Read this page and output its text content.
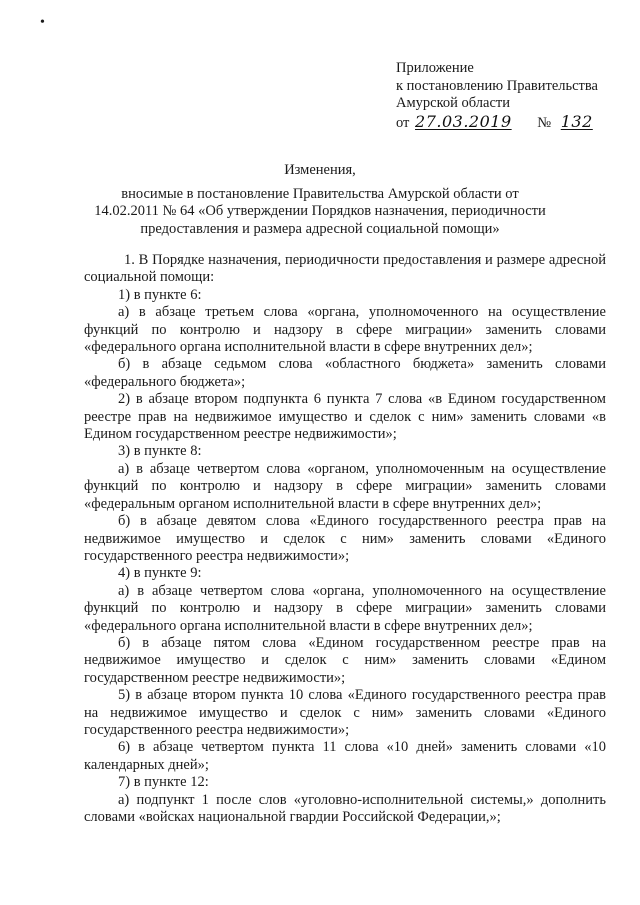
•
Приложение
к постановлению Правительства
Амурской области
от 27.03.2019 № 132
Изменения,
вносимые в постановление Правительства Амурской области от
14.02.2011 № 64 «Об утверждении Порядков назначения, периодичности
предоставления и размера адресной социальной помощи»

1. В Порядке назначения, периодичности предоставления и размере адресной социальной помощи:

1) в пункте 6:

а) в абзаце третьем слова «органа, уполномоченного на осуществление функций по контролю и надзору в сфере миграции» заменить словами «федерального органа исполнительной власти в сфере внутренних дел»;

б) в абзаце седьмом слова «областного бюджета» заменить словами «федерального бюджета»;

2) в абзаце втором подпункта 6 пункта 7 слова «в Едином государственном реестре прав на недвижимое имущество и сделок с ним» заменить словами «в Едином государственном реестре недвижимости»;

3) в пункте 8:

а) в абзаце четвертом слова «органом, уполномоченным на осуществление функций по контролю и надзору в сфере миграции» заменить словами «федеральным органом исполнительной власти в сфере внутренних дел»;

б) в абзаце девятом слова «Единого государственного реестра прав на недвижимое имущество и сделок с ним» заменить словами «Единого государственного реестра недвижимости»;

4) в пункте 9:

а) в абзаце четвертом слова «органа, уполномоченного на осуществление функций по контролю и надзору в сфере миграции» заменить словами «федерального органа исполнительной власти в сфере внутренних дел»;

б) в абзаце пятом слова «Едином государственном реестре прав на недвижимое имущество и сделок с ним» заменить словами «Едином государственном реестре недвижимости»;

5) в абзаце втором пункта 10 слова «Единого государственного реестра прав на недвижимое имущество и сделок с ним» заменить словами «Единого государственного реестра недвижимости»;

6) в абзаце четвертом пункта 11 слова «10 дней» заменить словами «10 календарных дней»;

7) в пункте 12:

а) подпункт 1 после слов «уголовно-исполнительной системы,» дополнить словами «войсках национальной гвардии Российской Федерации,»;
